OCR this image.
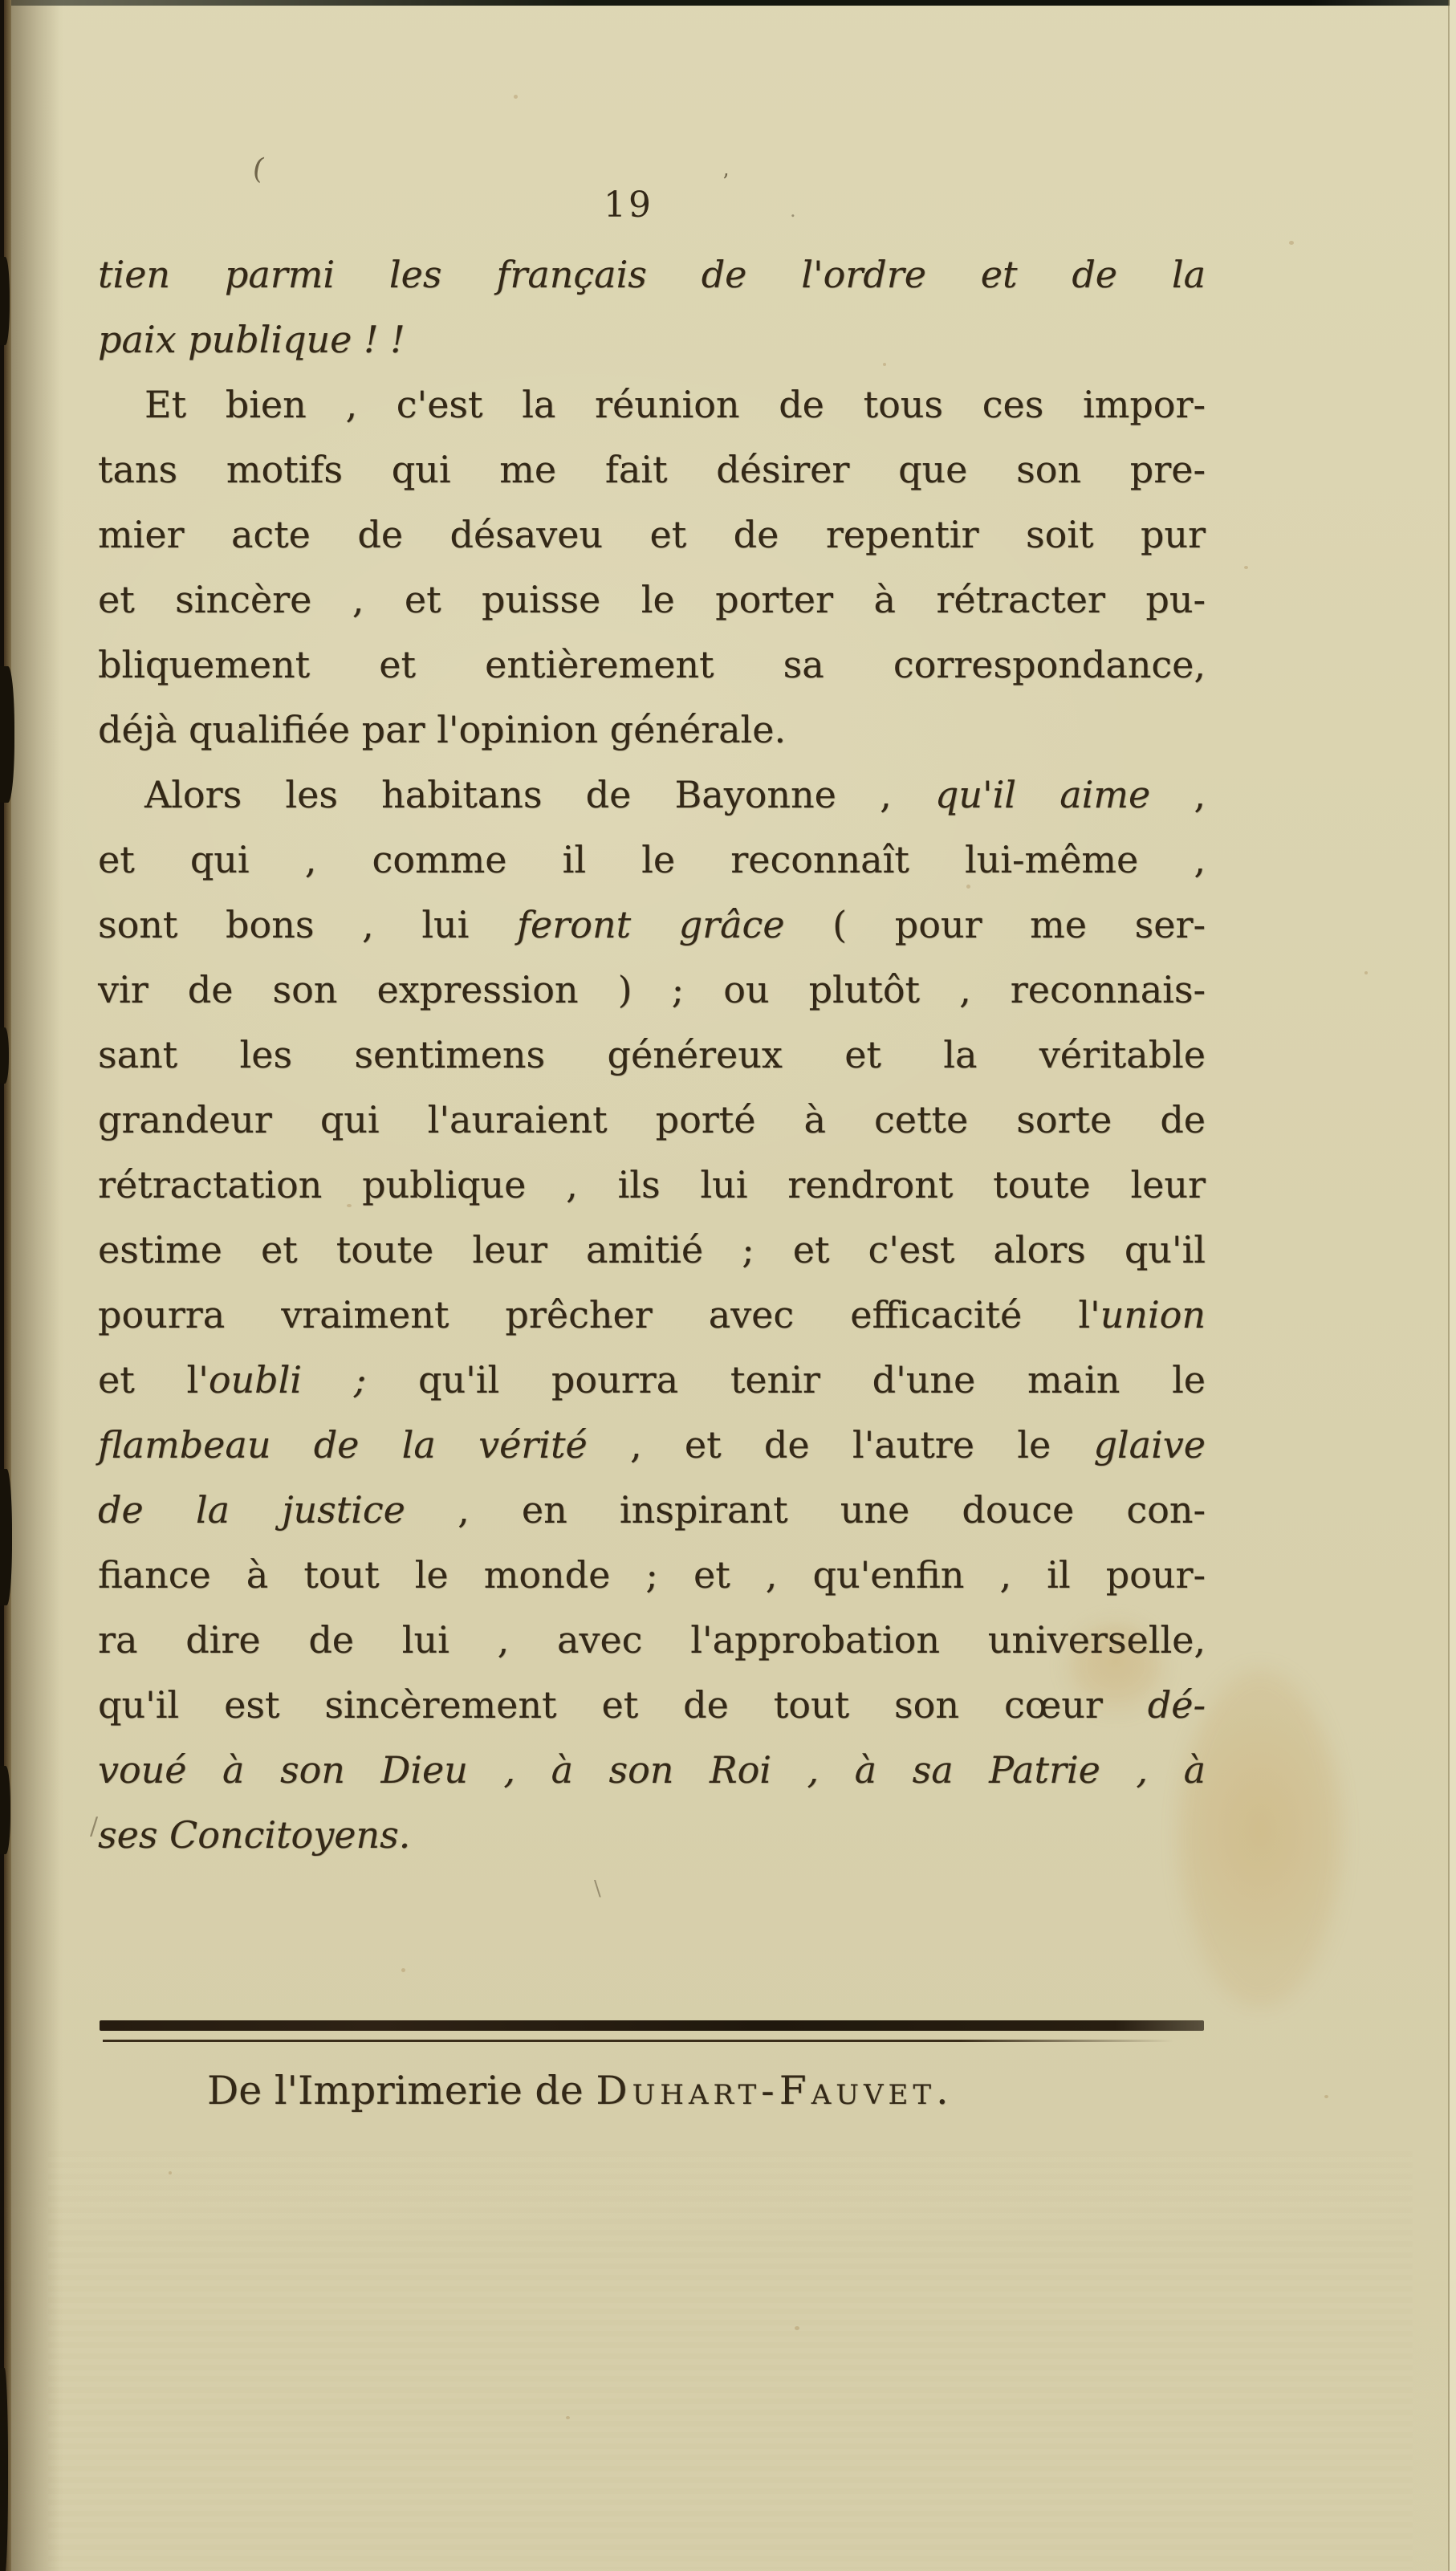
(	’
.
/
\
19
tien parmi les français de l'ordre et de la
paix publique ! !
Et bien , c'est la réunion de tous ces impor-
tans motifs qui me fait désirer que son pre-
mier acte de désaveu et de repentir soit pur
et sincère , et puisse le porter à rétracter pu-
bliquement et entièrement sa correspondance,
déjà qualifiée par l'opinion générale.
Alors les habitans de Bayonne , qu'il aime ,
et qui , comme il le reconnaît lui-même ,
sont bons , lui feront grâce ( pour me ser-
vir de son expression ) ; ou plutôt , reconnais-
sant les sentimens généreux et la véritable
grandeur qui l'auraient porté à cette sorte de
rétractation publique , ils lui rendront toute leur
estime et toute leur amitié ; et c'est alors qu'il
pourra vraiment prêcher avec efficacité l'union
et l'oubli ; qu'il pourra tenir d'une main le
flambeau de la vérité , et de l'autre le glaive
de la justice , en inspirant une douce con-
fiance à tout le monde ; et , qu'enfin , il pour-
ra dire de lui , avec l'approbation universelle,
qu'il est sincèrement et de tout son cœur dé-
voué à son Dieu , à son Roi , à sa Patrie , à
ses Concitoyens.
De l'Imprimerie de Duhart-Fauvet.
